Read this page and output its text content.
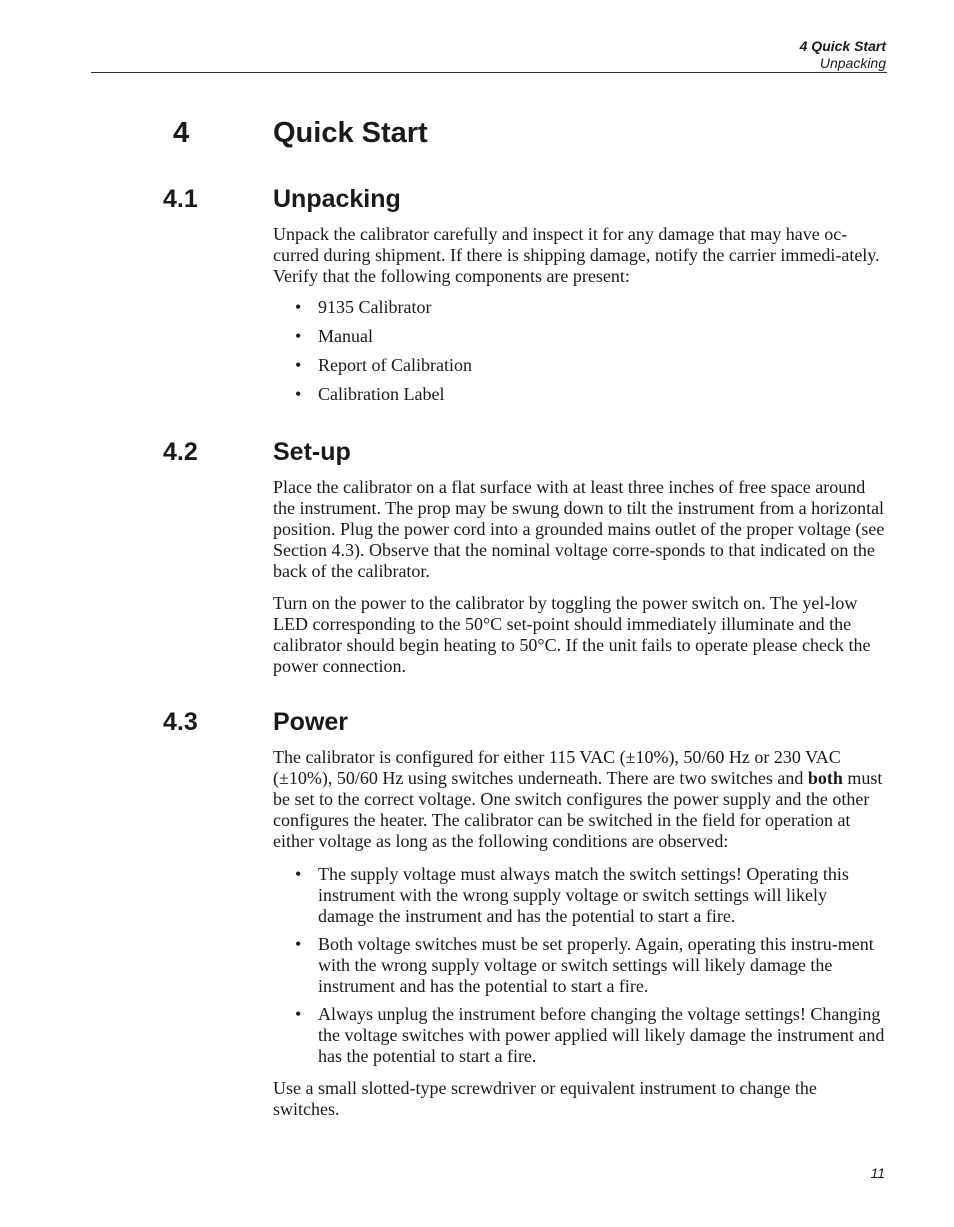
4 Quick Start
Unpacking
4	Quick Start
4.1	Unpacking

Unpack the calibrator carefully and inspect it for any damage that may have oc-curred during shipment. If there is shipping damage, notify the carrier immedi-ately. Verify that the following components are present:

• 9135 Calibrator
• Manual
• Report of Calibration
• Calibration Label
4.2	Set-up

Place the calibrator on a flat surface with at least three inches of free space around the instrument. The prop may be swung down to tilt the instrument from a horizontal position. Plug the power cord into a grounded mains outlet of the proper voltage (see Section 4.3). Observe that the nominal voltage corre-sponds to that indicated on the back of the calibrator.

Turn on the power to the calibrator by toggling the power switch on. The yel-low LED corresponding to the 50°C set-point should immediately illuminate and the calibrator should begin heating to 50°C. If the unit fails to operate please check the power connection.

4.3	Power

The calibrator is configured for either 115 VAC (±10%), 50/60 Hz or 230 VAC (±10%), 50/60 Hz using switches underneath. There are two switches and both must be set to the correct voltage. One switch configures the power supply and the other configures the heater. The calibrator can be switched in the field for operation at either voltage as long as the following conditions are observed:

• The supply voltage must always match the switch settings! Operating this instrument with the wrong supply voltage or switch settings will likely damage the instrument and has the potential to start a fire.
• Both voltage switches must be set properly. Again, operating this instru-ment with the wrong supply voltage or switch settings will likely damage the instrument and has the potential to start a fire.
• Always unplug the instrument before changing the voltage settings! Changing the voltage switches with power applied will likely damage the instrument and has the potential to start a fire.

Use a small slotted-type screwdriver or equivalent instrument to change the switches.

11
